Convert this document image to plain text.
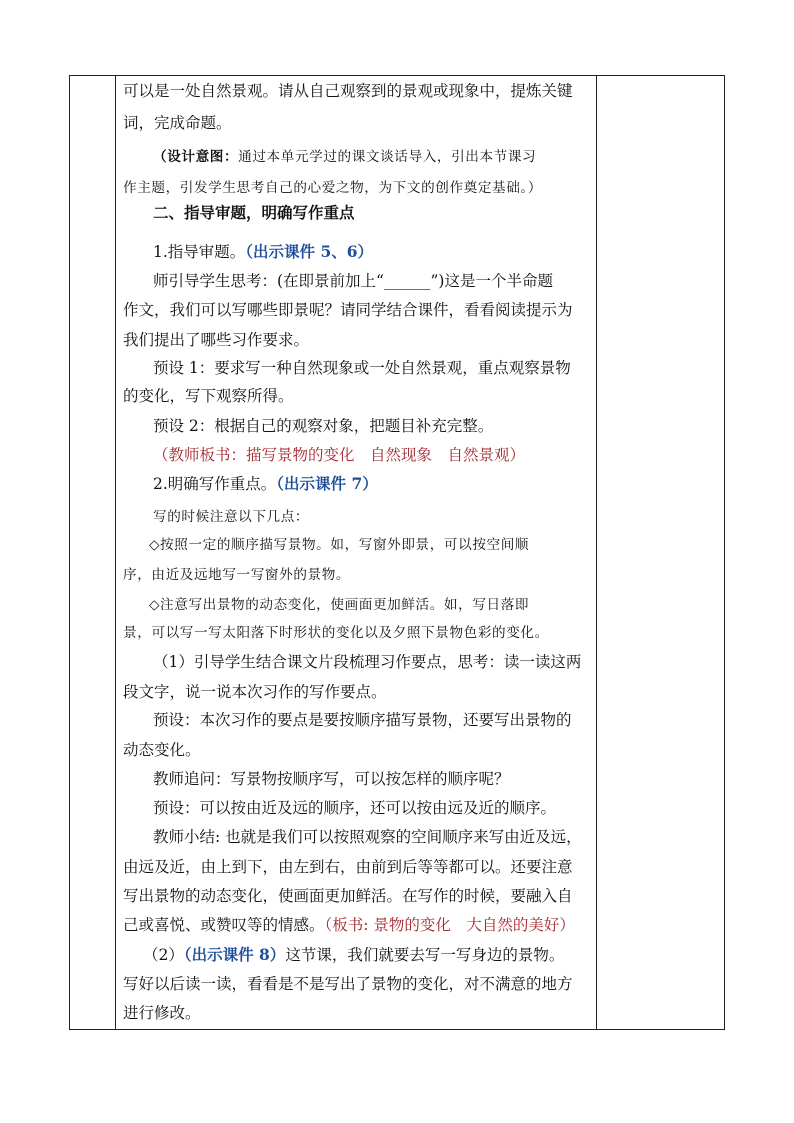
可以是一处自然景观。请从自己观察到的景观或现象中，提炼关键
词，完成命题。
（设计意图：通过本单元学过的课文谈话导入，引出本节课习
作主题，引发学生思考自己的心爱之物，为下文的创作奠定基础。）
二、指导审题，明确写作重点
1.指导审题。（出示课件 5、6）
师引导学生思考：(在即景前加上“______”)这是一个半命题
作文，我们可以写哪些即景呢？请同学结合课件，看看阅读提示为
我们提出了哪些习作要求。
预设 1：要求写一种自然现象或一处自然景观，重点观察景物
的变化，写下观察所得。
预设 2：根据自己的观察对象，把题目补充完整。
（教师板书：描写景物的变化　自然现象　自然景观）
2.明确写作重点。（出示课件 7）
写的时候注意以下几点：
◇按照一定的顺序描写景物。如，写窗外即景，可以按空间顺
序，由近及远地写一写窗外的景物。
◇注意写出景物的动态变化，使画面更加鲜活。如，写日落即
景，可以写一写太阳落下时形状的变化以及夕照下景物色彩的变化。
（1）引导学生结合课文片段梳理习作要点，思考：读一读这两
段文字，说一说本次习作的写作要点。
预设：本次习作的要点是要按顺序描写景物，还要写出景物的
动态变化。
教师追问：写景物按顺序写，可以按怎样的顺序呢？
预设：可以按由近及远的顺序，还可以按由远及近的顺序。
教师小结: 也就是我们可以按照观察的空间顺序来写由近及远，
由远及近，由上到下，由左到右，由前到后等等都可以。还要注意
写出景物的动态变化，使画面更加鲜活。在写作的时候，要融入自
己或喜悦、或赞叹等的情感。（板书: 景物的变化　大自然的美好）
（2）（出示课件 8）这节课，我们就要去写一写身边的景物。
写好以后读一读，看看是不是写出了景物的变化，对不满意的地方
进行修改。
